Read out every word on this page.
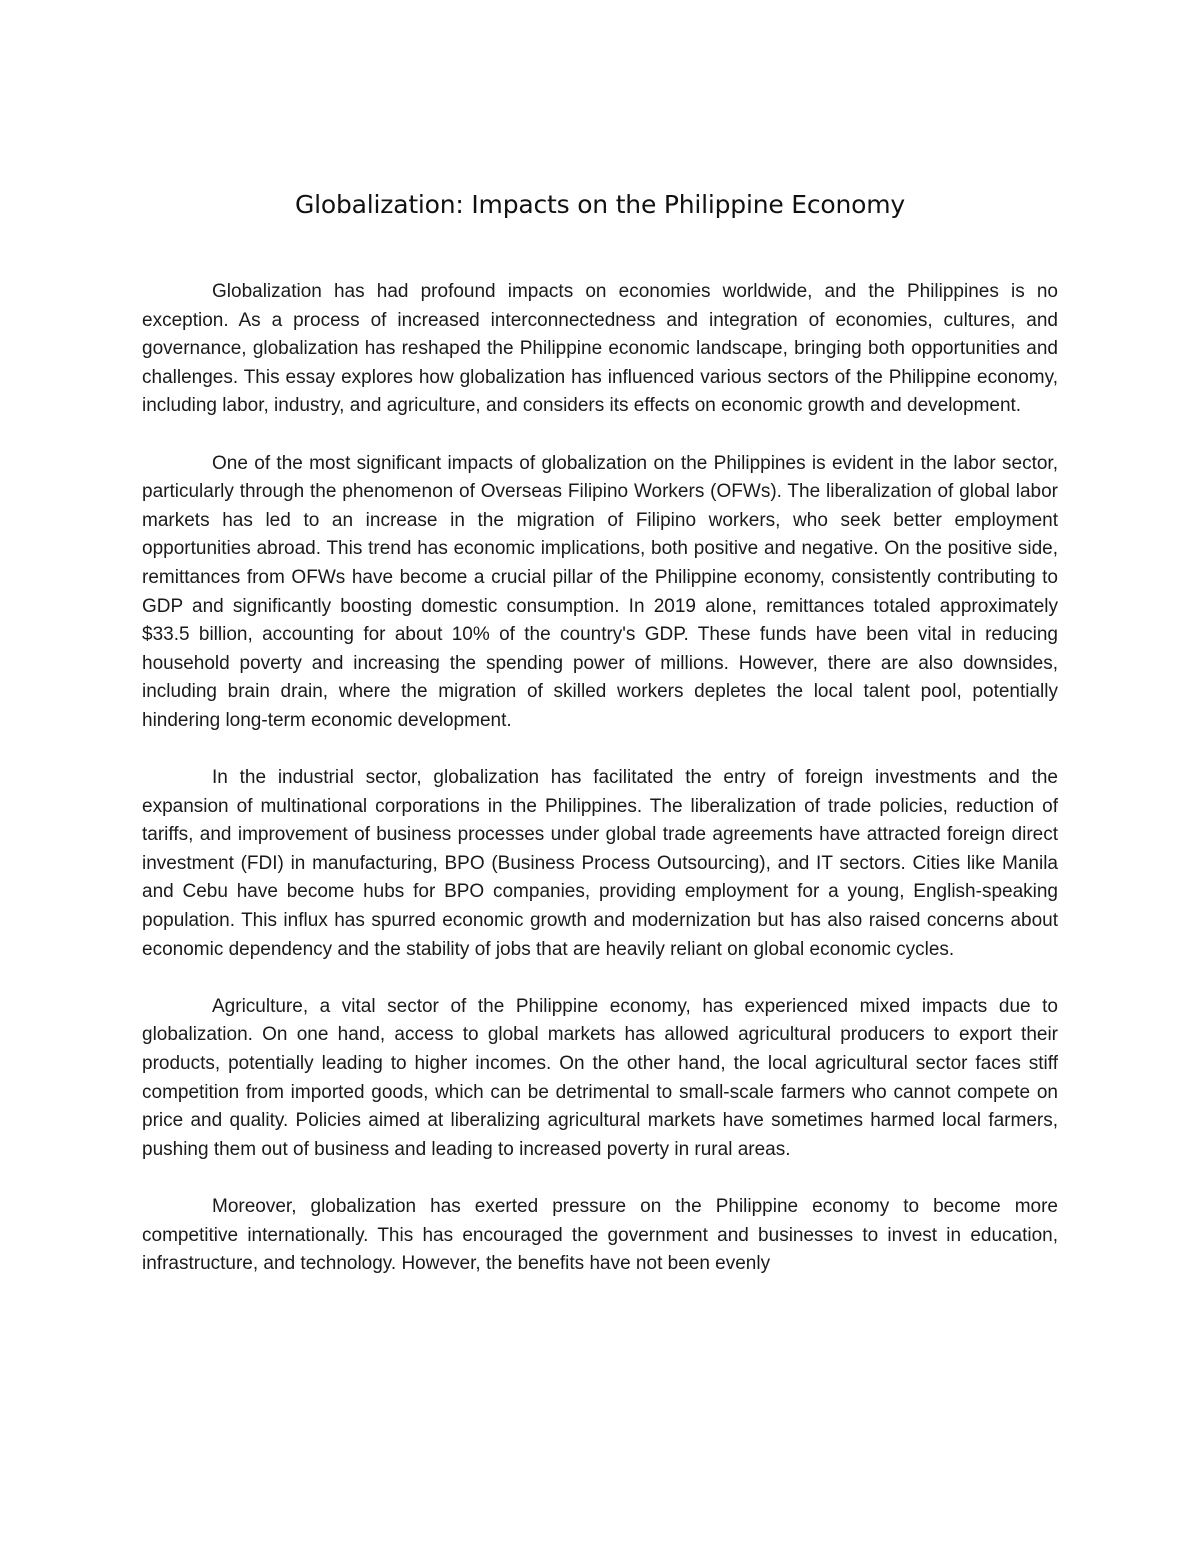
Globalization: Impacts on the Philippine Economy

Globalization has had profound impacts on economies worldwide, and the Philippines is no exception. As a process of increased interconnectedness and integration of economies, cultures, and governance, globalization has reshaped the Philippine economic landscape, bringing both opportunities and challenges. This essay explores how globalization has influenced various sectors of the Philippine economy, including labor, industry, and agriculture, and considers its effects on economic growth and development.

One of the most significant impacts of globalization on the Philippines is evident in the labor sector, particularly through the phenomenon of Overseas Filipino Workers (OFWs). The liberalization of global labor markets has led to an increase in the migration of Filipino workers, who seek better employment opportunities abroad. This trend has economic implications, both positive and negative. On the positive side, remittances from OFWs have become a crucial pillar of the Philippine economy, consistently contributing to GDP and significantly boosting domestic consumption. In 2019 alone, remittances totaled approximately $33.5 billion, accounting for about 10% of the country's GDP. These funds have been vital in reducing household poverty and increasing the spending power of millions. However, there are also downsides, including brain drain, where the migration of skilled workers depletes the local talent pool, potentially hindering long-term economic development.

In the industrial sector, globalization has facilitated the entry of foreign investments and the expansion of multinational corporations in the Philippines. The liberalization of trade policies, reduction of tariffs, and improvement of business processes under global trade agreements have attracted foreign direct investment (FDI) in manufacturing, BPO (Business Process Outsourcing), and IT sectors. Cities like Manila and Cebu have become hubs for BPO companies, providing employment for a young, English-speaking population. This influx has spurred economic growth and modernization but has also raised concerns about economic dependency and the stability of jobs that are heavily reliant on global economic cycles.

Agriculture, a vital sector of the Philippine economy, has experienced mixed impacts due to globalization. On one hand, access to global markets has allowed agricultural producers to export their products, potentially leading to higher incomes. On the other hand, the local agricultural sector faces stiff competition from imported goods, which can be detrimental to small-scale farmers who cannot compete on price and quality. Policies aimed at liberalizing agricultural markets have sometimes harmed local farmers, pushing them out of business and leading to increased poverty in rural areas.

Moreover, globalization has exerted pressure on the Philippine economy to become more competitive internationally. This has encouraged the government and businesses to invest in education, infrastructure, and technology. However, the benefits have not been evenly
